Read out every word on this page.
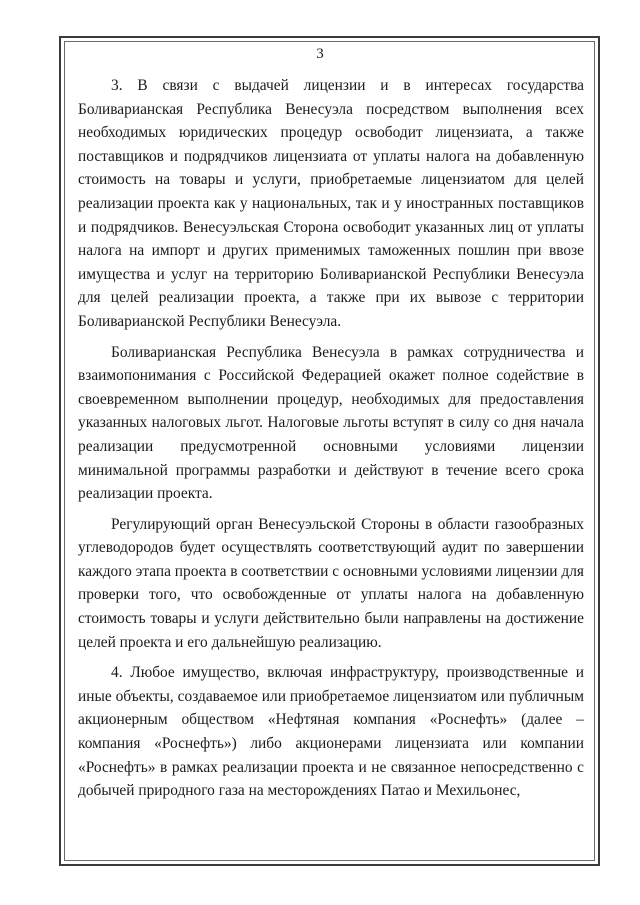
3

3. В связи с выдачей лицензии и в интересах государства Боливарианская Республика Венесуэла посредством выполнения всех необходимых юридических процедур освободит лицензиата, а также поставщиков и подрядчиков лицензиата от уплаты налога на добавленную стоимость на товары и услуги, приобретаемые лицензиатом для целей реализации проекта как у национальных, так и у иностранных поставщиков и подрядчиков. Венесуэльская Сторона освободит указанных лиц от уплаты налога на импорт и других применимых таможенных пошлин при ввозе имущества и услуг на территорию Боливарианской Республики Венесуэла для целей реализации проекта, а также при их вывозе с территории Боливарианской Республики Венесуэла.

Боливарианская Республика Венесуэла в рамках сотрудничества и взаимопонимания с Российской Федерацией окажет полное содействие в своевременном выполнении процедур, необходимых для предоставления указанных налоговых льгот. Налоговые льготы вступят в силу со дня начала реализации предусмотренной основными условиями лицензии минимальной программы разработки и действуют в течение всего срока реализации проекта.

Регулирующий орган Венесуэльской Стороны в области газообразных углеводородов будет осуществлять соответствующий аудит по завершении каждого этапа проекта в соответствии с основными условиями лицензии для проверки того, что освобожденные от уплаты налога на добавленную стоимость товары и услуги действительно были направлены на достижение целей проекта и его дальнейшую реализацию.

4. Любое имущество, включая инфраструктуру, производственные и иные объекты, создаваемое или приобретаемое лицензиатом или публичным акционерным обществом «Нефтяная компания «Роснефть» (далее – компания «Роснефть») либо акционерами лицензиата или компании «Роснефть» в рамках реализации проекта и не связанное непосредственно с добычей природного газа на месторождениях Патао и Мехильонес,
